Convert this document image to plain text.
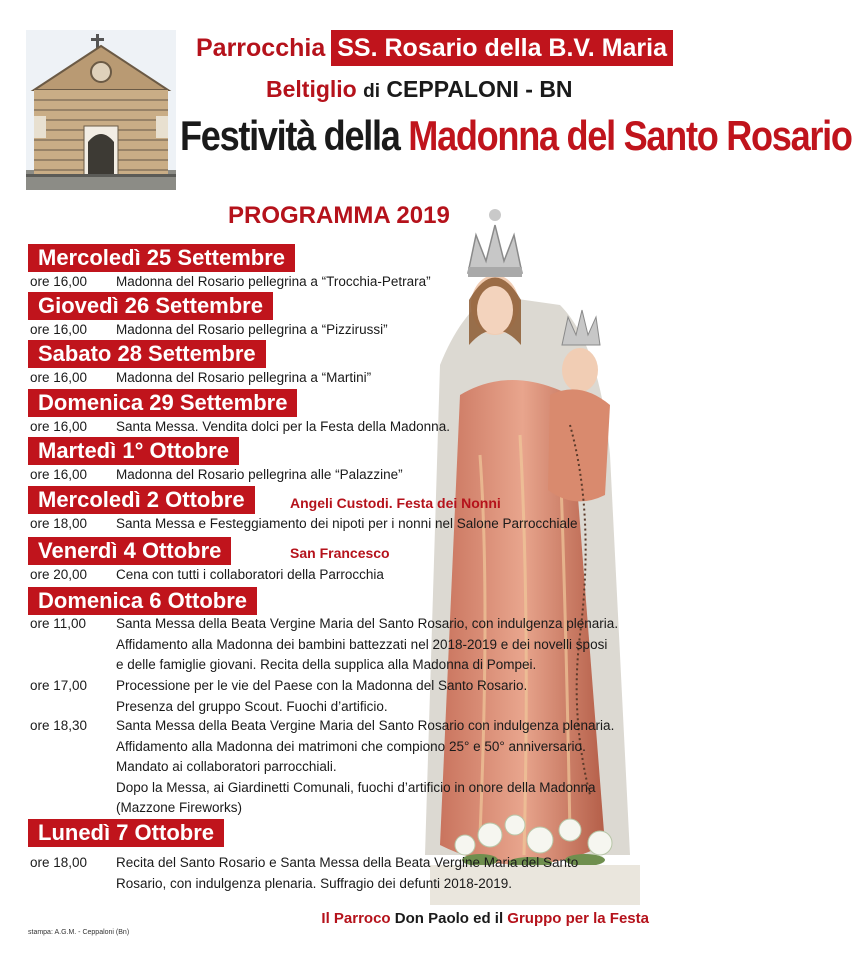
Parrocchia SS. Rosario della B.V. Maria
Beltiglio di CEPPALONI - BN
Festività della Madonna del Santo Rosario
PROGRAMMA 2019
Mercoledì 25 Settembre
ore 16,00 Madonna del Rosario pellegrina a “Trocchia-Petrara”
Giovedì 26 Settembre
ore 16,00 Madonna del Rosario pellegrina a “Pizzirussi”
Sabato 28 Settembre
ore 16,00 Madonna del Rosario pellegrina a “Martini”
Domenica 29 Settembre
ore 16,00 Santa Messa. Vendita dolci per la Festa della Madonna.
Martedì 1° Ottobre
ore 16,00 Madonna del Rosario pellegrina alle “Palazzine”
Mercoledì 2 Ottobre	Angeli Custodi. Festa dei Nonni
ore 18,00 Santa Messa e Festeggiamento dei nipoti per i nonni nel Salone Parrocchiale
Venerdì 4 Ottobre	San Francesco
ore 20,00 Cena con tutti i collaboratori della Parrocchia
Domenica 6 Ottobre
ore 11,00 Santa Messa della Beata Vergine Maria del Santo Rosario, con indulgenza plenaria.
Affidamento alla Madonna dei bambini battezzati nel 2018-2019 e dei novelli sposi
e delle famiglie giovani. Recita della supplica alla Madonna di Pompei.
ore 17,00 Processione per le vie del Paese con la Madonna del Santo Rosario.
Presenza del gruppo Scout. Fuochi d’artificio.
ore 18,30 Santa Messa della Beata Vergine Maria del Santo Rosario con indulgenza plenaria.
Affidamento alla Madonna dei matrimoni che compiono 25° e 50° anniversario.
Mandato ai collaboratori parrocchiali.
Dopo la Messa, ai Giardinetti Comunali, fuochi d’artificio in onore della Madonna
(Mazzone Fireworks)
Lunedì 7 Ottobre
ore 18,00 Recita del Santo Rosario e Santa Messa della Beata Vergine Maria del Santo
Rosario, con indulgenza plenaria. Suffragio dei defunti 2018-2019.
Il Parroco Don Paolo ed il Gruppo per la Festa
stampa: A.G.M. - Ceppaloni (Bn)
